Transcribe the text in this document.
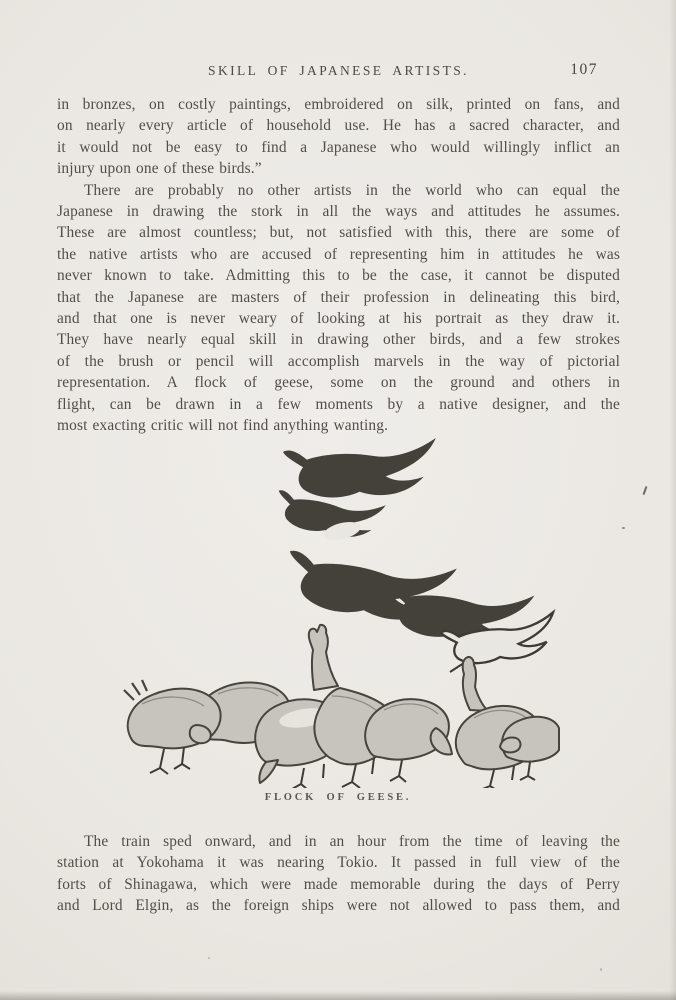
SKILL OF JAPANESE ARTISTS.	107
in bronzes, on costly paintings, embroidered on silk, printed on fans, and
on nearly every article of household use. He has a sacred character, and
it would not be easy to find a Japanese who would willingly inflict an
injury upon one of these birds.”
There are probably no other artists in the world who can equal the
Japanese in drawing the stork in all the ways and attitudes he assumes.
These are almost countless; but, not satisfied with this, there are some of
the native artists who are accused of representing him in attitudes he was
never known to take. Admitting this to be the case, it cannot be disputed
that the Japanese are masters of their profession in delineating this bird,
and that one is never weary of looking at his portrait as they draw it.
They have nearly equal skill in drawing other birds, and a few strokes
of the brush or pencil will accomplish marvels in the way of pictorial
representation. A flock of geese, some on the ground and others in
flight, can be drawn in a few moments by a native designer, and the
most exacting critic will not find anything wanting.
FLOCK OF GEESE.
The train sped onward, and in an hour from the time of leaving the
station at Yokohama it was nearing Tokio. It passed in full view of the
forts of Shinagawa, which were made memorable during the days of Perry
and Lord Elgin, as the foreign ships were not allowed to pass them, and
